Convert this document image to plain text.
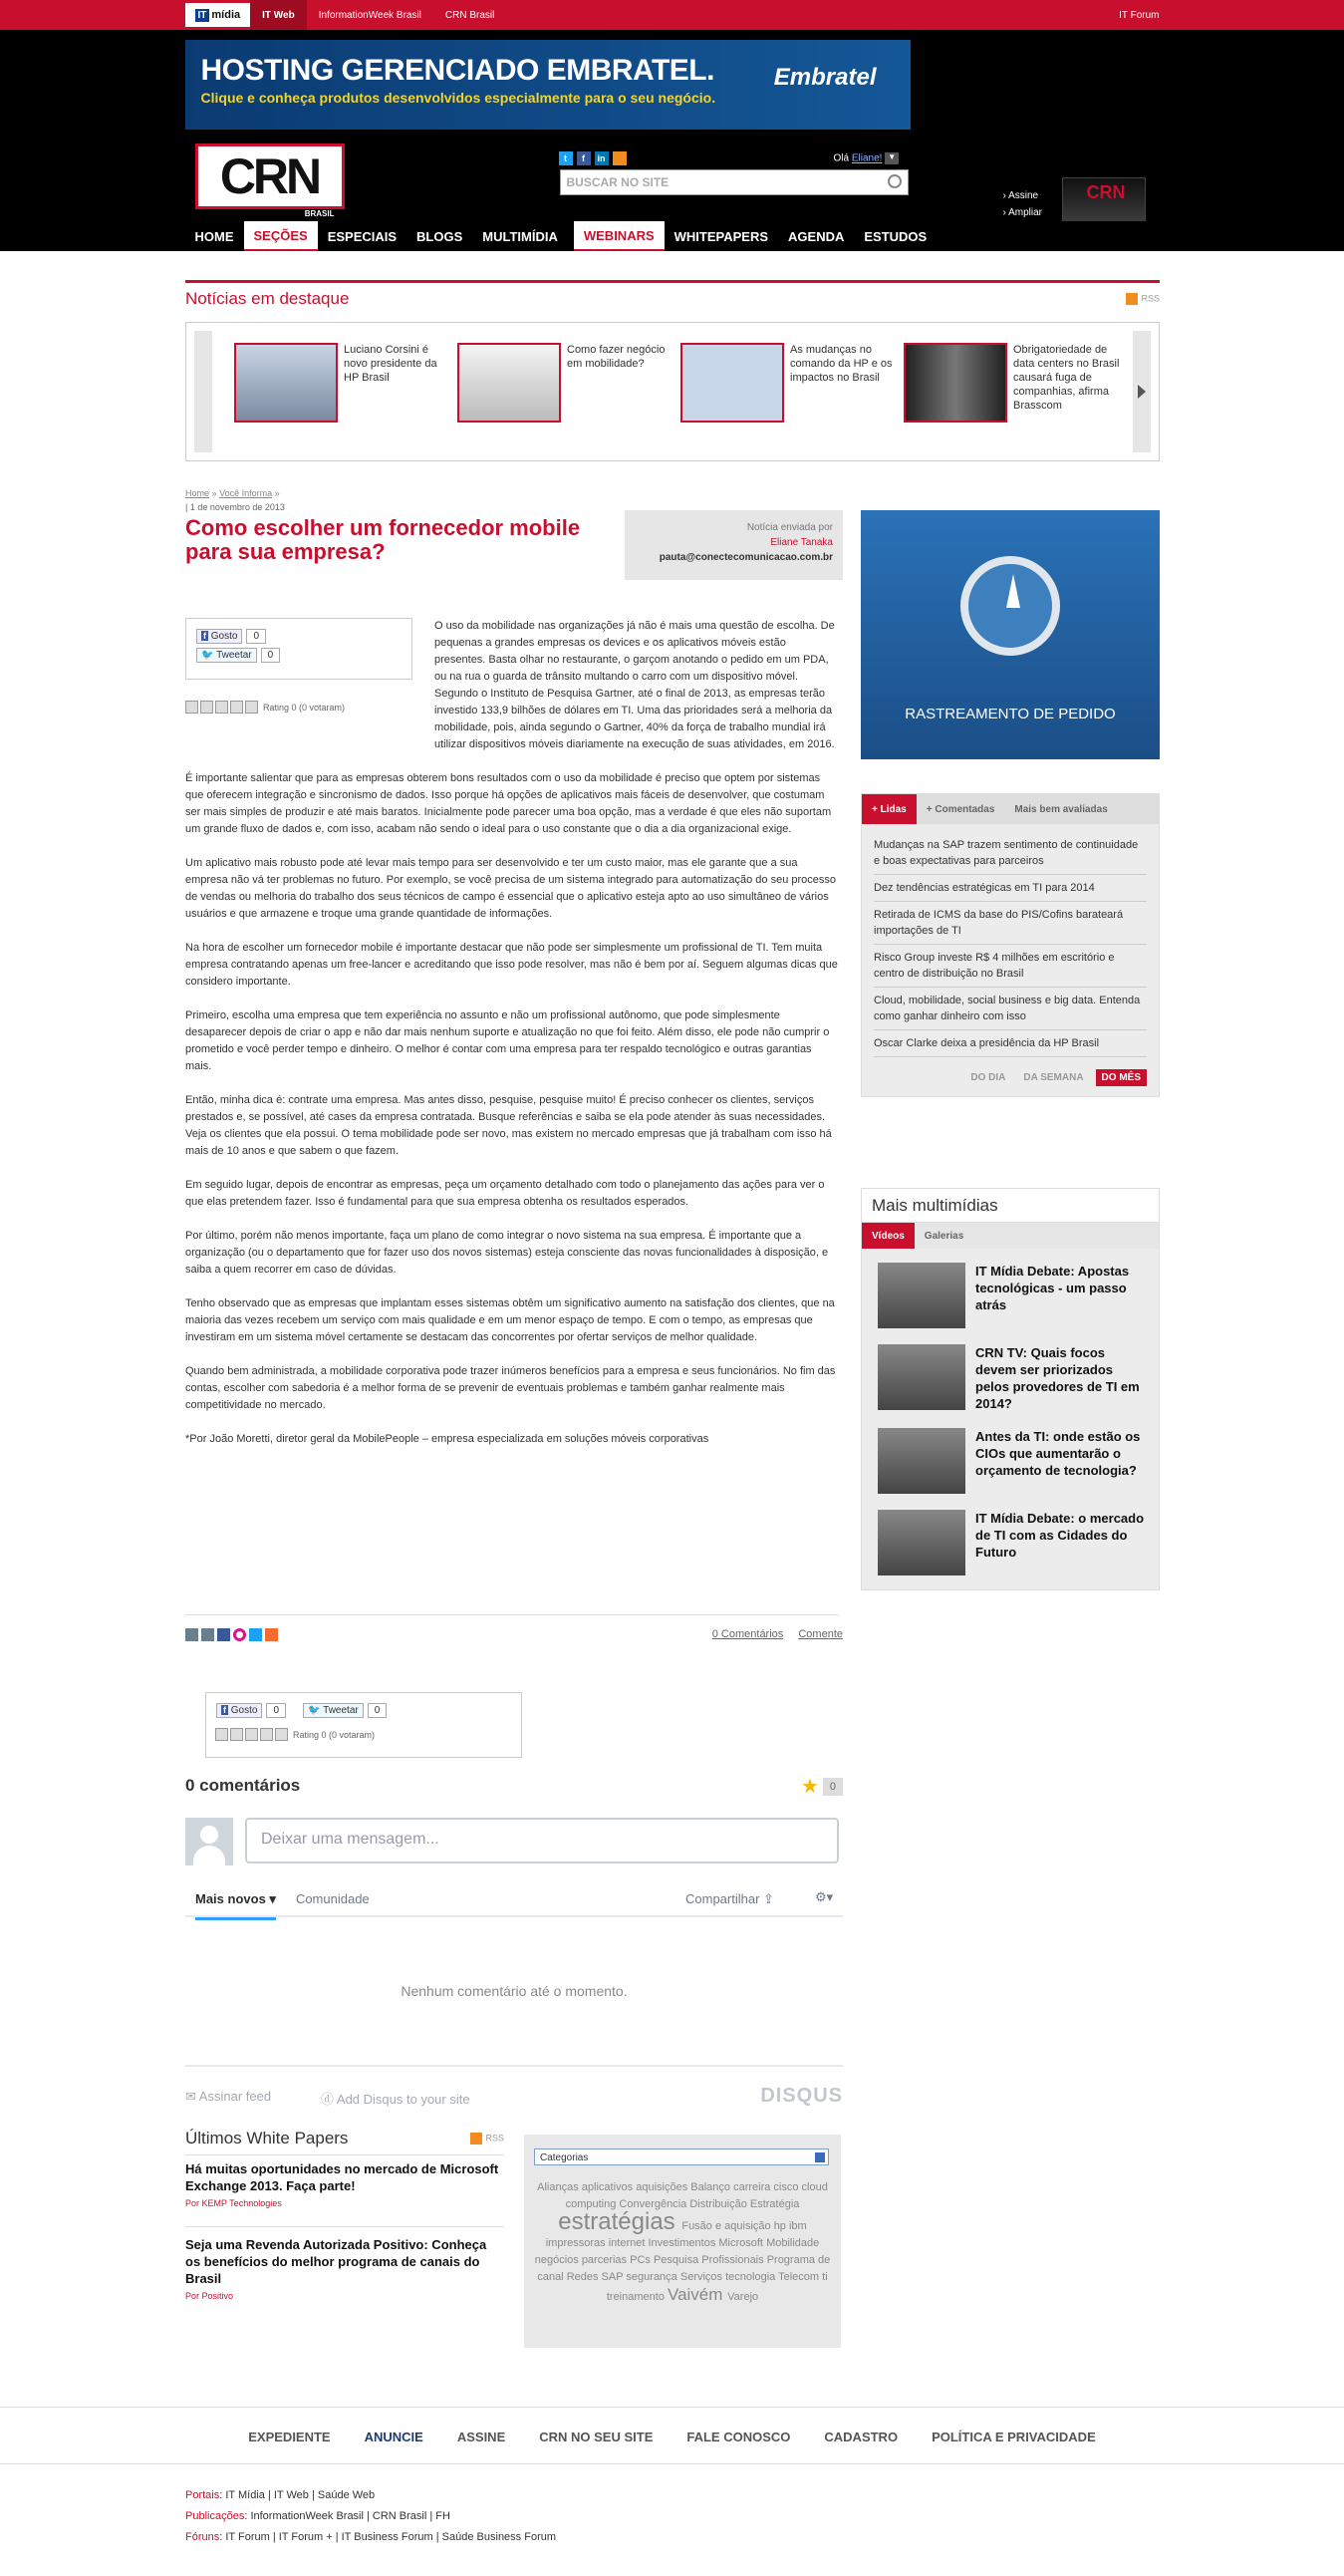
IT mídia	IT Web	InformationWeek Brasil	CRN Brasil	IT Forum
HOSTING GERENCIADO EMBRATEL.

Clique e conheça produtos desenvolvidos especialmente para o seu negócio.

Embratel
CRN
BRASIL
t	f	in	Olá Eliane! ▼
BUSCAR NO SITE
› Assine
› Ampliar
CRN
HOME	SEÇÕES	ESPECIAIS	BLOGS	MULTIMÍDIA	WEBINARS	WHITEPAPERS	AGENDA	ESTUDOS
Notícias em destaque	RSS
Luciano Corsini é novo presidente da HP Brasil
Como fazer negócio em mobilidade?
As mudanças no comando da HP e os impactos no Brasil
Obrigatoriedade de data centers no Brasil causará fuga de companhias, afirma Brasscom
Home » Você Informa »
| 1 de novembro de 2013
Como escolher um fornecedor mobile para sua empresa?
Notícia enviada por
Eliane Tanaka
pauta@conectecomunicacao.com.br
f Gosto 0
🐦 Tweetar 0
Rating 0 (0 votaram)

O uso da mobilidade nas organizações já não é mais uma questão de escolha. De pequenas a grandes empresas os devices e os aplicativos móveis estão presentes. Basta olhar no restaurante, o garçom anotando o pedido em um PDA, ou na rua o guarda de trânsito multando o carro com um dispositivo móvel. Segundo o Instituto de Pesquisa Gartner, até o final de 2013, as empresas terão investido 133,9 bilhões de dólares em TI. Uma das prioridades será a melhoria da mobilidade, pois, ainda segundo o Gartner, 40% da força de trabalho mundial irá utilizar dispositivos móveis diariamente na execução de suas atividades, em 2016.

É importante salientar que para as empresas obterem bons resultados com o uso da mobilidade é preciso que optem por sistemas que oferecem integração e sincronismo de dados. Isso porque há opções de aplicativos mais fáceis de desenvolver, que costumam ser mais simples de produzir e até mais baratos. Inicialmente pode parecer uma boa opção, mas a verdade é que eles não suportam um grande fluxo de dados e, com isso, acabam não sendo o ideal para o uso constante que o dia a dia organizacional exige.

Um aplicativo mais robusto pode até levar mais tempo para ser desenvolvido e ter um custo maior, mas ele garante que a sua empresa não vá ter problemas no futuro. Por exemplo, se você precisa de um sistema integrado para automatização do seu processo de vendas ou melhoria do trabalho dos seus técnicos de campo é essencial que o aplicativo esteja apto ao uso simultâneo de vários usuários e que armazene e troque uma grande quantidade de informações.

Na hora de escolher um fornecedor mobile é importante destacar que não pode ser simplesmente um profissional de TI. Tem muita empresa contratando apenas um free-lancer e acreditando que isso pode resolver, mas não é bem por aí. Seguem algumas dicas que considero importante.

Primeiro, escolha uma empresa que tem experiência no assunto e não um profissional autônomo, que pode simplesmente desaparecer depois de criar o app e não dar mais nenhum suporte e atualização no que foi feito. Além disso, ele pode não cumprir o prometido e você perder tempo e dinheiro. O melhor é contar com uma empresa para ter respaldo tecnológico e outras garantias mais.

Então, minha dica é: contrate uma empresa. Mas antes disso, pesquise, pesquise muito! É preciso conhecer os clientes, serviços prestados e, se possível, até cases da empresa contratada. Busque referências e saiba se ela pode atender às suas necessidades. Veja os clientes que ela possui. O tema mobilidade pode ser novo, mas existem no mercado empresas que já trabalham com isso há mais de 10 anos e que sabem o que fazem.

Em seguido lugar, depois de encontrar as empresas, peça um orçamento detalhado com todo o planejamento das ações para ver o que elas pretendem fazer. Isso é fundamental para que sua empresa obtenha os resultados esperados.

Por último, porém não menos importante, faça um plano de como integrar o novo sistema na sua empresa. É importante que a organização (ou o departamento que for fazer uso dos novos sistemas) esteja consciente das novas funcionalidades à disposição, e saiba a quem recorrer em caso de dúvidas.

Tenho observado que as empresas que implantam esses sistemas obtêm um significativo aumento na satisfação dos clientes, que na maioria das vezes recebem um serviço com mais qualidade e em um menor espaço de tempo. E com o tempo, as empresas que investiram em um sistema móvel certamente se destacam das concorrentes por ofertar serviços de melhor qualidade.

Quando bem administrada, a mobilidade corporativa pode trazer inúmeros benefícios para a empresa e seus funcionários. No fim das contas, escolher com sabedoria é a melhor forma de se prevenir de eventuais problemas e também ganhar realmente mais competitividade no mercado.

*Por João Moretti, diretor geral da MobilePeople – empresa especializada em soluções móveis corporativas

0 Comentários Comente
f Gosto 0	🐦 Tweetar 0
Rating 0 (0 votaram)
0 comentários	★	0
Deixar uma mensagem...
Mais novos ▾ Comunidade	Compartilhar ⇪	⚙▾
Nenhum comentário até o momento.
✉ Assinar feed	ⓓ Add Disqus to your site	DISQUS
Últimos White Papers	RSS
Há muitas oportunidades no mercado de Microsoft Exchange 2013. Faça parte!
Por KEMP Technologies
Seja uma Revenda Autorizada Positivo: Conheça os benefícios do melhor programa de canais do Brasil
Por Positivo
Categorias
Alianças aplicativos aquisições Balanço carreira cisco cloud computing Convergência Distribuição Estratégia estratégias Fusão e aquisição hp ibm impressoras internet Investimentos Microsoft Mobilidade negócios parcerias PCs Pesquisa Profissionais Programa de canal Redes SAP segurança Serviços tecnologia Telecom ti treinamento Vaivém Varejo
RASTREAMENTO DE PEDIDO
+ Lidas	+ Comentadas	Mais bem avaliadas
Mudanças na SAP trazem sentimento de continuidade e boas expectativas para parceiros
Dez tendências estratégicas em TI para 2014
Retirada de ICMS da base do PIS/Cofins barateará importações de TI
Risco Group investe R$ 4 milhões em escritório e centro de distribuição no Brasil
Cloud, mobilidade, social business e big data. Entenda como ganhar dinheiro com isso
Oscar Clarke deixa a presidência da HP Brasil
DO DIA	DA SEMANA	DO MÊS
Mais multimídias
Vídeos	Galerias
IT Mídia Debate: Apostas tecnológicas - um passo atrás
CRN TV: Quais focos devem ser priorizados pelos provedores de TI em 2014?
Antes da TI: onde estão os CIOs que aumentarão o orçamento de tecnologia?
IT Mídia Debate: o mercado de TI com as Cidades do Futuro
EXPEDIENTE	ANUNCIE	ASSINE	CRN NO SEU SITE	FALE CONOSCO	CADASTRO	POLÍTICA E PRIVACIDADE
Portais: IT Mídia | IT Web | Saúde Web
Publicações: InformationWeek Brasil | CRN Brasil | FH
Fóruns: IT Forum | IT Forum + | IT Business Forum | Saúde Business Forum
